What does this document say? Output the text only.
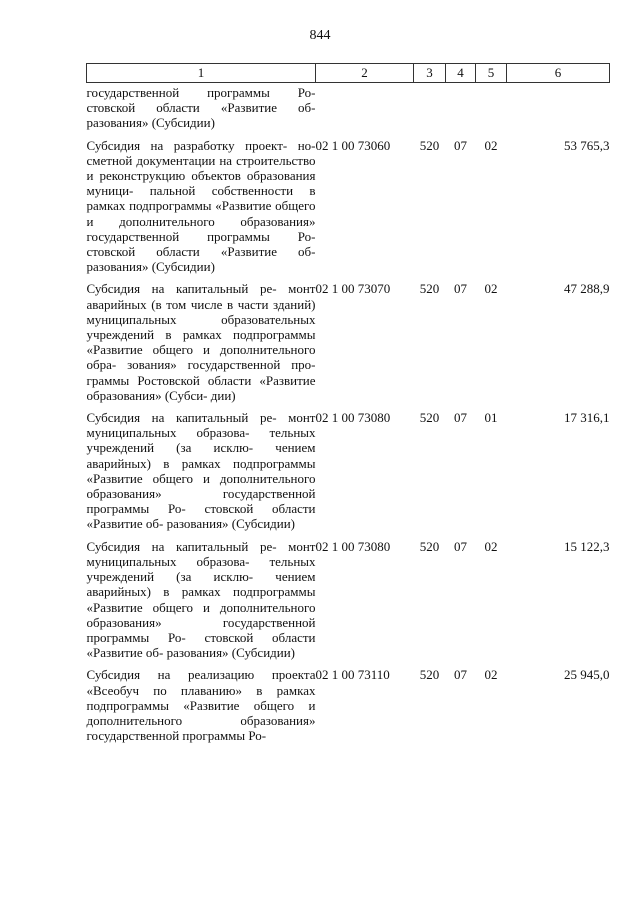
844
1	2	3	4	5	6
государственной программы Ро- стовской области «Развитие об- разования» (Субсидии)					
Субсидия на разработку проект- но-сметной документации на строительство и реконструкцию объектов образования муници- пальной собственности в рамках подпрограммы «Развитие общего и дополнительного образования» государственной программы Ро- стовской области «Развитие об- разования» (Субсидии)	02 1 00 73060	520	07	02	53 765,3
Субсидия на капитальный ре- монт аварийных (в том числе в части зданий) муниципальных образовательных учреждений в рамках подпрограммы «Развитие общего и дополнительного обра- зования» государственной про- граммы Ростовской области «Развитие образования» (Субси- дии)	02 1 00 73070	520	07	02	47 288,9
Субсидия на капитальный ре- монт муниципальных образова- тельных учреждений (за исклю- чением аварийных) в рамках подпрограммы «Развитие общего и дополнительного образования» государственной программы Ро- стовской области «Развитие об- разования» (Субсидии)	02 1 00 73080	520	07	01	17 316,1
Субсидия на капитальный ре- монт муниципальных образова- тельных учреждений (за исклю- чением аварийных) в рамках подпрограммы «Развитие общего и дополнительного образования» государственной программы Ро- стовской области «Развитие об- разования» (Субсидии)	02 1 00 73080	520	07	02	15 122,3
Субсидия на реализацию проекта «Всеобуч по плаванию» в рамках подпрограммы «Развитие общего и дополнительного образования» государственной программы Ро-	02 1 00 73110	520	07	02	25 945,0
